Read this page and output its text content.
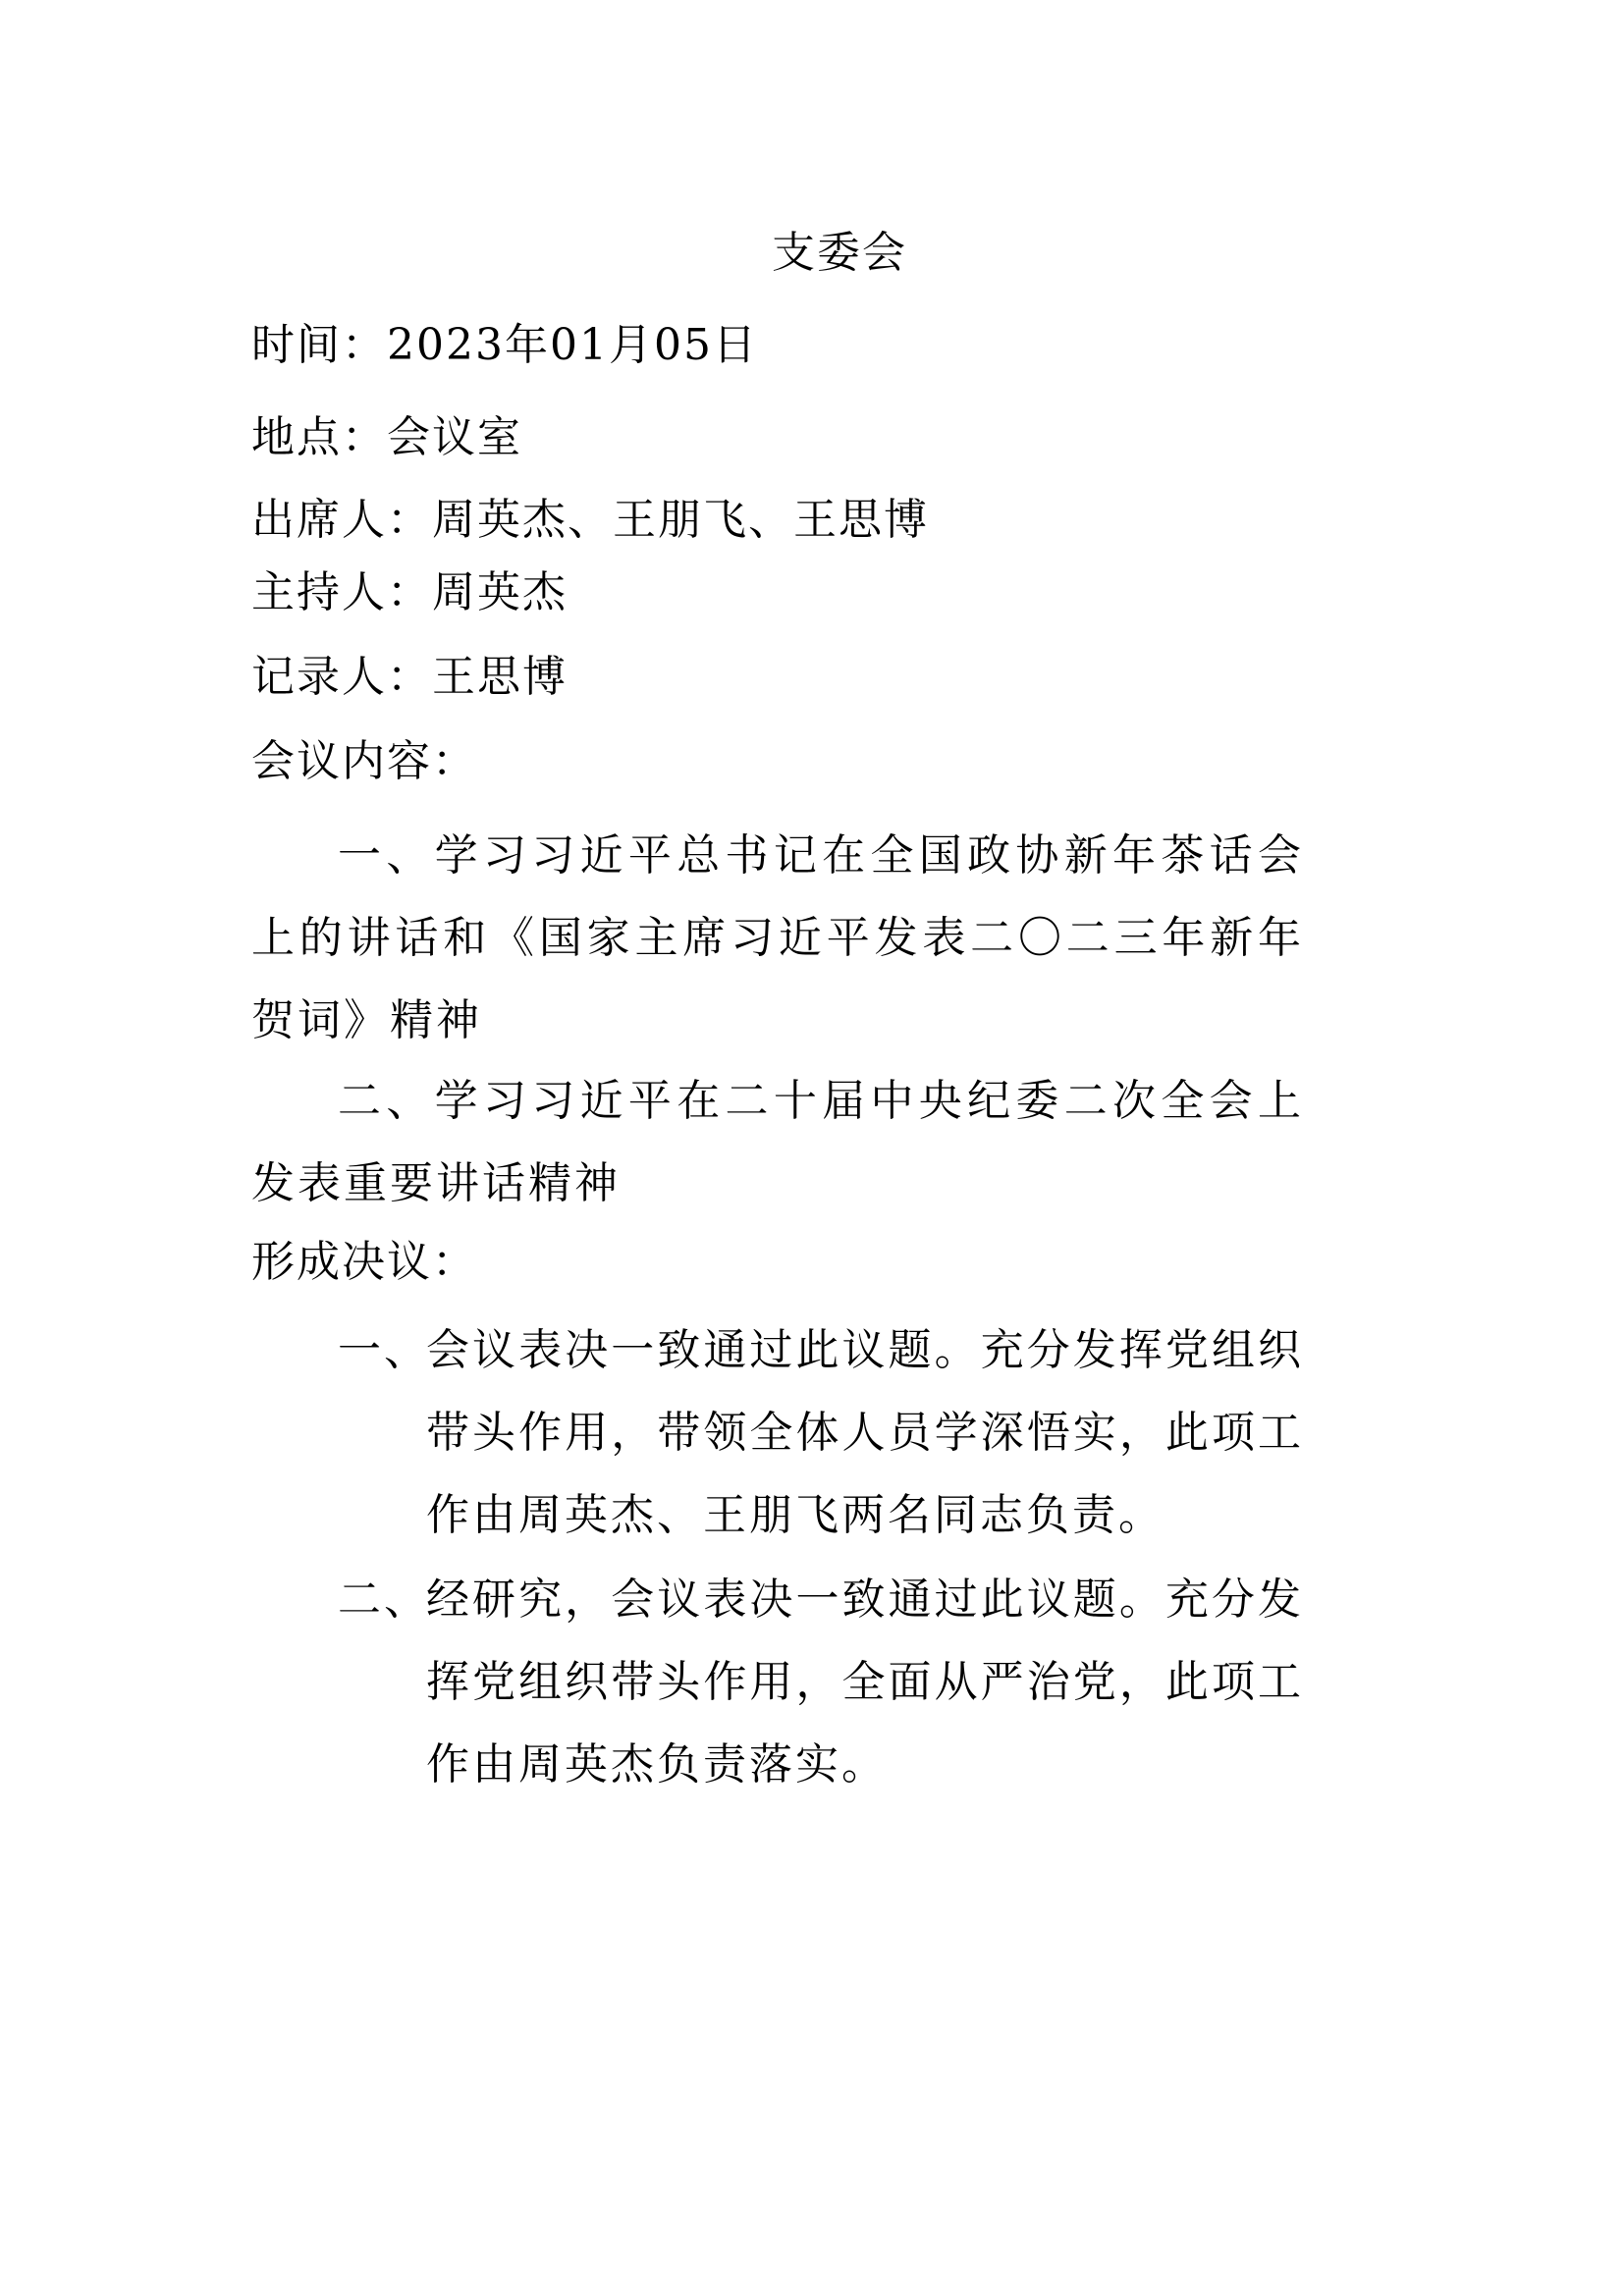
支委会
时间：2023年01月05日
地点：会议室
出席人：周英杰、王朋飞、王思博
主持人：周英杰
记录人：王思博
会议内容：
一、学习习近平总书记在全国政协新年茶话会上的讲话和《国家主席习近平发表二〇二三年新年贺词》精神
二、学习习近平在二十届中央纪委二次全会上发表重要讲话精神
形成决议：
一、
会议表决一致通过此议题。充分发挥党组织带头作用，带领全体人员学深悟实，此项工作由周英杰、王朋飞两名同志负责。
二、
经研究，会议表决一致通过此议题。充分发挥党组织带头作用，全面从严治党，此项工作由周英杰负责落实。
